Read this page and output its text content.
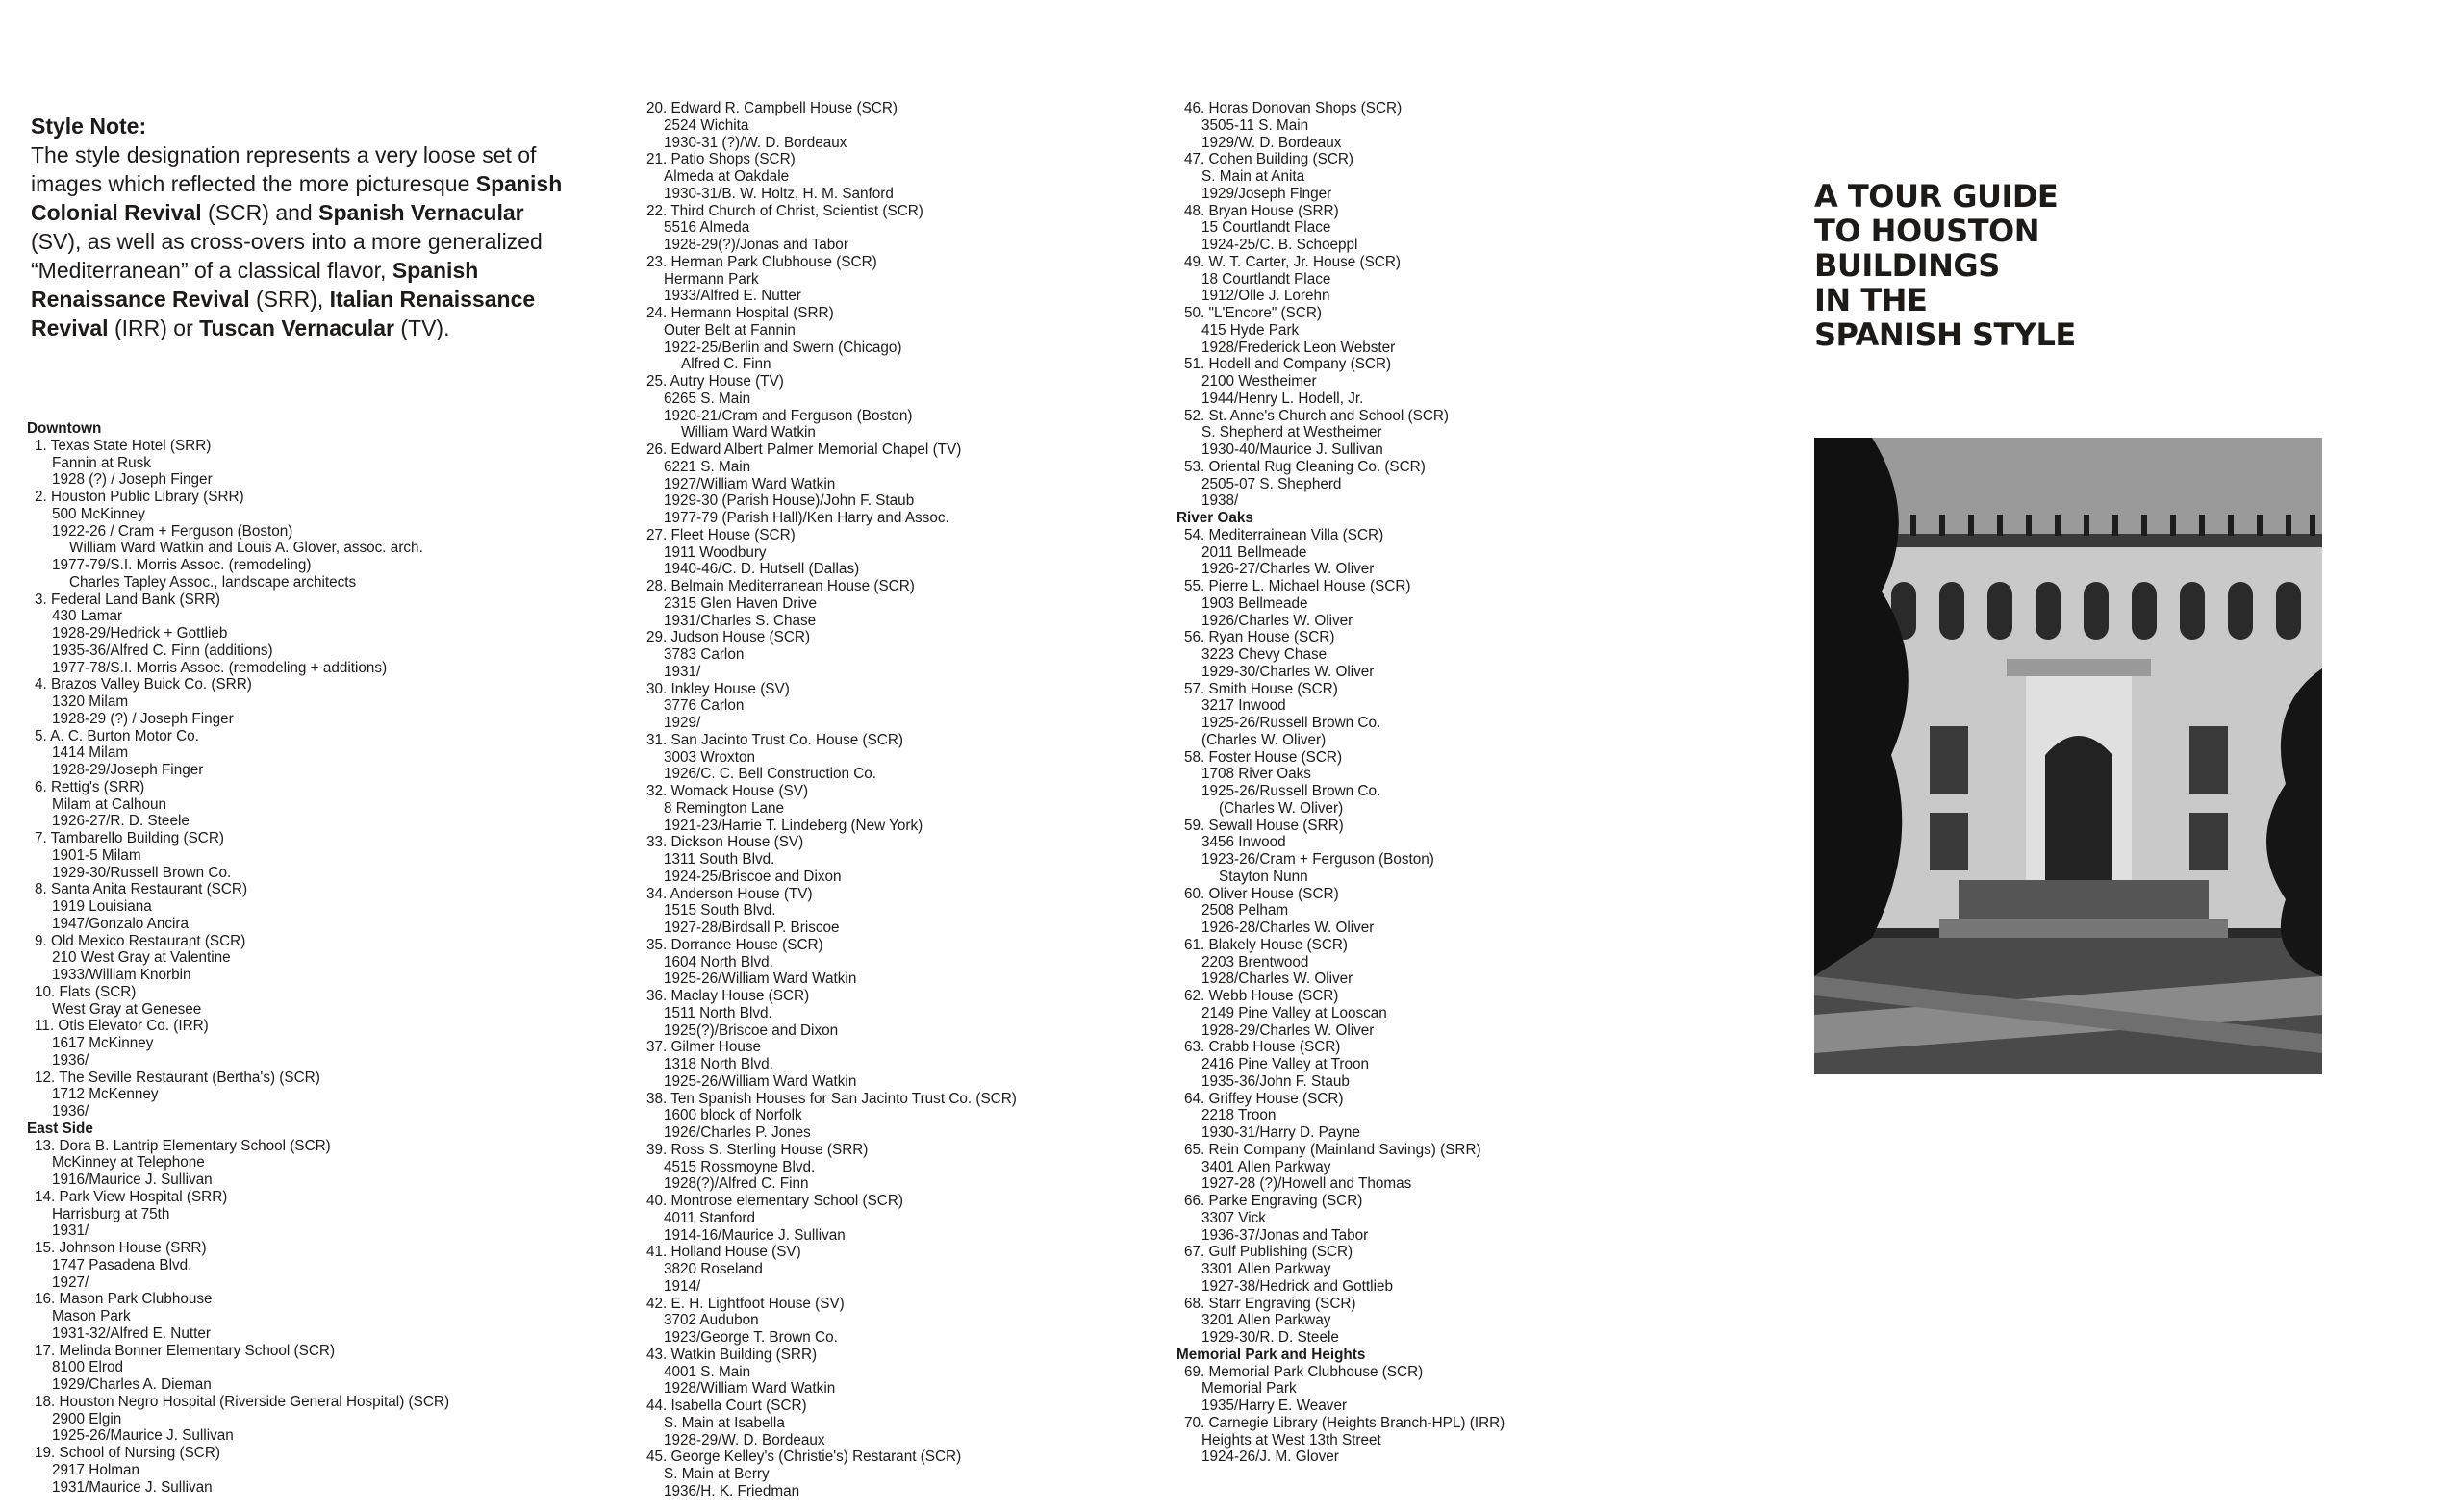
Style Note:
The style designation represents a very loose set of images which reflected the more picturesque Spanish Colonial Revival (SCR) and Spanish Vernacular (SV), as well as cross-overs into a more generalized “Mediterranean” of a classical flavor, Spanish Renaissance Revival (SRR), Italian Renaissance Revival (IRR) or Tuscan Vernacular (TV).
Downtown
1. Texas State Hotel (SRR)
Fannin at Rusk
1928 (?) / Joseph Finger
2. Houston Public Library (SRR)
500 McKinney
1922-26 / Cram + Ferguson (Boston)
William Ward Watkin and Louis A. Glover, assoc. arch.
1977-79/S.I. Morris Assoc. (remodeling)
Charles Tapley Assoc., landscape architects
3. Federal Land Bank (SRR)
430 Lamar
1928-29/Hedrick + Gottlieb
1935-36/Alfred C. Finn (additions)
1977-78/S.I. Morris Assoc. (remodeling + additions)
4. Brazos Valley Buick Co. (SRR)
1320 Milam
1928-29 (?) / Joseph Finger
5. A. C. Burton Motor Co.
1414 Milam
1928-29/Joseph Finger
6. Rettig's (SRR)
Milam at Calhoun
1926-27/R. D. Steele
7. Tambarello Building (SCR)
1901-5 Milam
1929-30/Russell Brown Co.
8. Santa Anita Restaurant (SCR)
1919 Louisiana
1947/Gonzalo Ancira
9. Old Mexico Restaurant (SCR)
210 West Gray at Valentine
1933/William Knorbin
10. Flats (SCR)
West Gray at Genesee
11. Otis Elevator Co. (IRR)
1617 McKinney
1936/
12. The Seville Restaurant (Bertha's) (SCR)
1712 McKenney
1936/
East Side
13. Dora B. Lantrip Elementary School (SCR)
McKinney at Telephone
1916/Maurice J. Sullivan
14. Park View Hospital (SRR)
Harrisburg at 75th
1931/
15. Johnson House (SRR)
1747 Pasadena Blvd.
1927/
16. Mason Park Clubhouse
Mason Park
1931-32/Alfred E. Nutter
17. Melinda Bonner Elementary School (SCR)
8100 Elrod
1929/Charles A. Dieman
18. Houston Negro Hospital (Riverside General Hospital) (SCR)
2900 Elgin
1925-26/Maurice J. Sullivan
19. School of Nursing (SCR)
2917 Holman
1931/Maurice J. Sullivan
20. Edward R. Campbell House (SCR)
2524 Wichita
1930-31 (?)/W. D. Bordeaux
21. Patio Shops (SCR)
Almeda at Oakdale
1930-31/B. W. Holtz, H. M. Sanford
22. Third Church of Christ, Scientist (SCR)
5516 Almeda
1928-29(?)/Jonas and Tabor
23. Herman Park Clubhouse (SCR)
Hermann Park
1933/Alfred E. Nutter
24. Hermann Hospital (SRR)
Outer Belt at Fannin
1922-25/Berlin and Swern (Chicago)
Alfred C. Finn
25. Autry House (TV)
6265 S. Main
1920-21/Cram and Ferguson (Boston)
William Ward Watkin
26. Edward Albert Palmer Memorial Chapel (TV)
6221 S. Main
1927/William Ward Watkin
1929-30 (Parish House)/John F. Staub
1977-79 (Parish Hall)/Ken Harry and Assoc.
27. Fleet House (SCR)
1911 Woodbury
1940-46/C. D. Hutsell (Dallas)
28. Belmain Mediterranean House (SCR)
2315 Glen Haven Drive
1931/Charles S. Chase
29. Judson House (SCR)
3783 Carlon
1931/
30. Inkley House (SV)
3776 Carlon
1929/
31. San Jacinto Trust Co. House (SCR)
3003 Wroxton
1926/C. C. Bell Construction Co.
32. Womack House (SV)
8 Remington Lane
1921-23/Harrie T. Lindeberg (New York)
33. Dickson House (SV)
1311 South Blvd.
1924-25/Briscoe and Dixon
34. Anderson House (TV)
1515 South Blvd.
1927-28/Birdsall P. Briscoe
35. Dorrance House (SCR)
1604 North Blvd.
1925-26/William Ward Watkin
36. Maclay House (SCR)
1511 North Blvd.
1925(?)/Briscoe and Dixon
37. Gilmer House
1318 North Blvd.
1925-26/William Ward Watkin
38. Ten Spanish Houses for San Jacinto Trust Co. (SCR)
1600 block of Norfolk
1926/Charles P. Jones
39. Ross S. Sterling House (SRR)
4515 Rossmoyne Blvd.
1928(?)/Alfred C. Finn
40. Montrose elementary School (SCR)
4011 Stanford
1914-16/Maurice J. Sullivan
41. Holland House (SV)
3820 Roseland
1914/
42. E. H. Lightfoot House (SV)
3702 Audubon
1923/George T. Brown Co.
43. Watkin Building (SRR)
4001 S. Main
1928/William Ward Watkin
44. Isabella Court (SCR)
S. Main at Isabella
1928-29/W. D. Bordeaux
45. George Kelley's (Christie's) Restarant (SCR)
S. Main at Berry
1936/H. K. Friedman
46. Horas Donovan Shops (SCR)
3505-11 S. Main
1929/W. D. Bordeaux
47. Cohen Building (SCR)
S. Main at Anita
1929/Joseph Finger
48. Bryan House (SRR)
15 Courtlandt Place
1924-25/C. B. Schoeppl
49. W. T. Carter, Jr. House (SCR)
18 Courtlandt Place
1912/Olle J. Lorehn
50. "L'Encore" (SCR)
415 Hyde Park
1928/Frederick Leon Webster
51. Hodell and Company (SCR)
2100 Westheimer
1944/Henry L. Hodell, Jr.
52. St. Anne's Church and School (SCR)
S. Shepherd at Westheimer
1930-40/Maurice J. Sullivan
53. Oriental Rug Cleaning Co. (SCR)
2505-07 S. Shepherd
1938/
River Oaks
54. Mediterrainean Villa (SCR)
2011 Bellmeade
1926-27/Charles W. Oliver
55. Pierre L. Michael House (SCR)
1903 Bellmeade
1926/Charles W. Oliver
56. Ryan House (SCR)
3223 Chevy Chase
1929-30/Charles W. Oliver
57. Smith House (SCR)
3217 Inwood
1925-26/Russell Brown Co.
(Charles W. Oliver)
58. Foster House (SCR)
1708 River Oaks
1925-26/Russell Brown Co.
(Charles W. Oliver)
59. Sewall House (SRR)
3456 Inwood
1923-26/Cram + Ferguson (Boston)
Stayton Nunn
60. Oliver House (SCR)
2508 Pelham
1926-28/Charles W. Oliver
61. Blakely House (SCR)
2203 Brentwood
1928/Charles W. Oliver
62. Webb House (SCR)
2149 Pine Valley at Looscan
1928-29/Charles W. Oliver
63. Crabb House (SCR)
2416 Pine Valley at Troon
1935-36/John F. Staub
64. Griffey House (SCR)
2218 Troon
1930-31/Harry D. Payne
65. Rein Company (Mainland Savings) (SRR)
3401 Allen Parkway
1927-28 (?)/Howell and Thomas
66. Parke Engraving (SCR)
3307 Vick
1936-37/Jonas and Tabor
67. Gulf Publishing (SCR)
3301 Allen Parkway
1927-38/Hedrick and Gottlieb
68. Starr Engraving (SCR)
3201 Allen Parkway
1929-30/R. D. Steele
Memorial Park and Heights
69. Memorial Park Clubhouse (SCR)
Memorial Park
1935/Harry E. Weaver
70. Carnegie Library (Heights Branch-HPL) (IRR)
Heights at West 13th Street
1924-26/J. M. Glover
A TOUR GUIDE
TO HOUSTON
BUILDINGS
IN THE
SPANISH STYLE
